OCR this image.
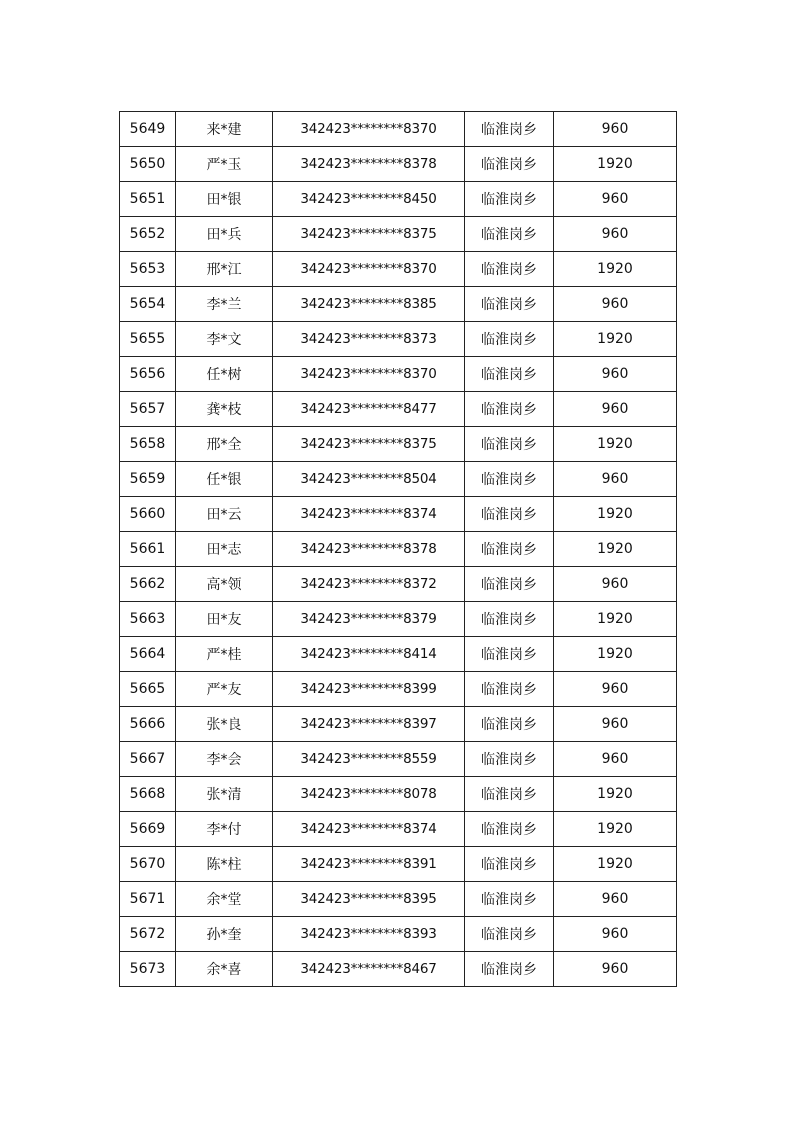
5649	来*建	342423********8370	临淮岗乡	960
5650	严*玉	342423********8378	临淮岗乡	1920
5651	田*银	342423********8450	临淮岗乡	960
5652	田*兵	342423********8375	临淮岗乡	960
5653	邢*江	342423********8370	临淮岗乡	1920
5654	李*兰	342423********8385	临淮岗乡	960
5655	李*文	342423********8373	临淮岗乡	1920
5656	任*树	342423********8370	临淮岗乡	960
5657	龚*枝	342423********8477	临淮岗乡	960
5658	邢*全	342423********8375	临淮岗乡	1920
5659	任*银	342423********8504	临淮岗乡	960
5660	田*云	342423********8374	临淮岗乡	1920
5661	田*志	342423********8378	临淮岗乡	1920
5662	高*领	342423********8372	临淮岗乡	960
5663	田*友	342423********8379	临淮岗乡	1920
5664	严*桂	342423********8414	临淮岗乡	1920
5665	严*友	342423********8399	临淮岗乡	960
5666	张*良	342423********8397	临淮岗乡	960
5667	李*会	342423********8559	临淮岗乡	960
5668	张*清	342423********8078	临淮岗乡	1920
5669	李*付	342423********8374	临淮岗乡	1920
5670	陈*柱	342423********8391	临淮岗乡	1920
5671	余*堂	342423********8395	临淮岗乡	960
5672	孙*奎	342423********8393	临淮岗乡	960
5673	余*喜	342423********8467	临淮岗乡	960
